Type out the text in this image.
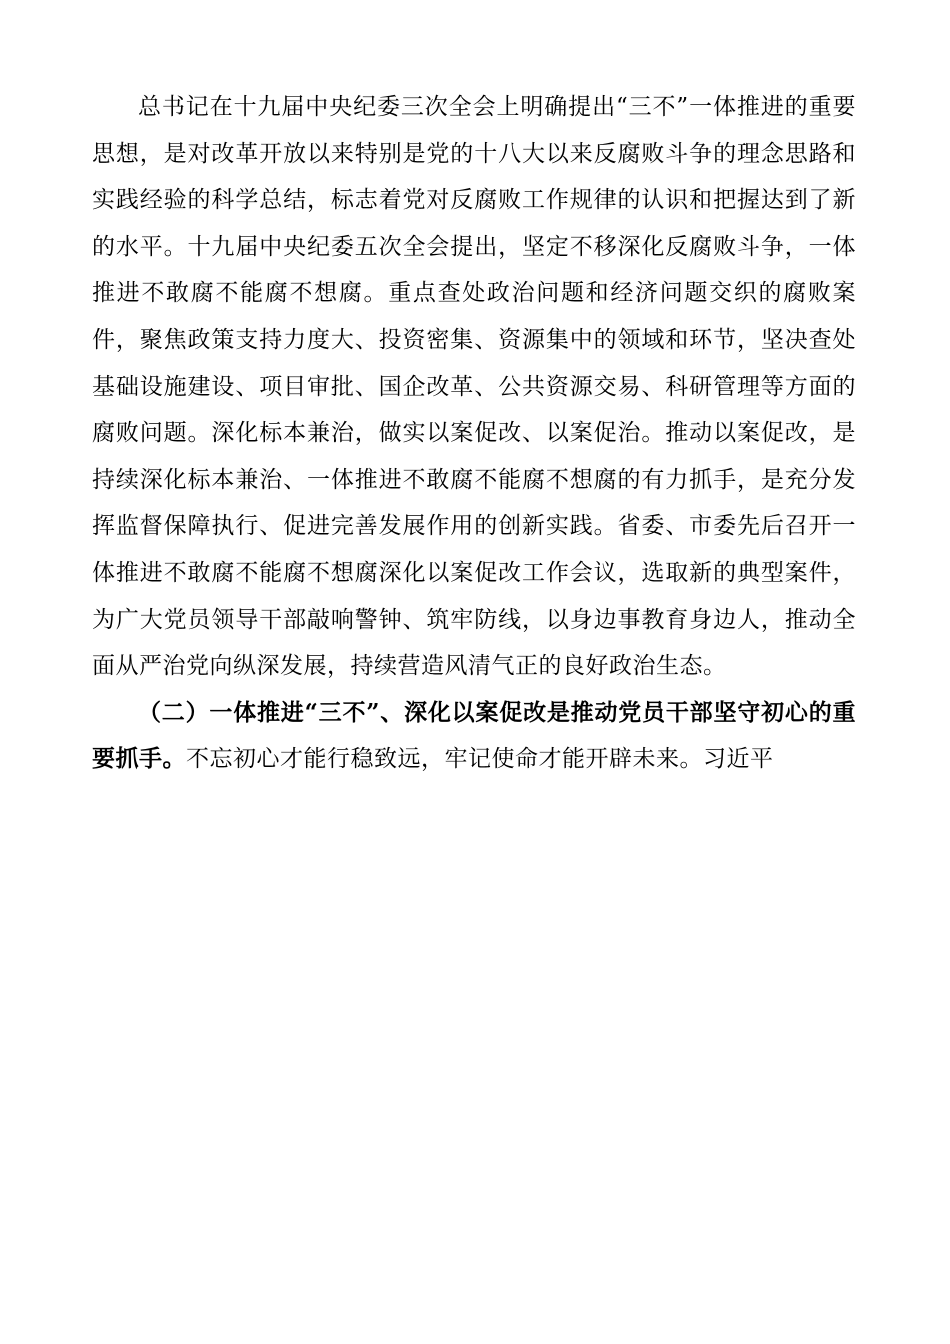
总书记在十九届中央纪委三次全会上明确提出“三不”一体推进的重要思想，是对改革开放以来特别是党的十八大以来反腐败斗争的理念思路和实践经验的科学总结，标志着党对反腐败工作规律的认识和把握达到了新的水平。十九届中央纪委五次全会提出，坚定不移深化反腐败斗争，一体推进不敢腐不能腐不想腐。重点查处政治问题和经济问题交织的腐败案件，聚焦政策支持力度大、投资密集、资源集中的领域和环节，坚决查处基础设施建设、项目审批、国企改革、公共资源交易、科研管理等方面的腐败问题。深化标本兼治，做实以案促改、以案促治。推动以案促改，是持续深化标本兼治、一体推进不敢腐不能腐不想腐的有力抓手，是充分发挥监督保障执行、促进完善发展作用的创新实践。省委、市委先后召开一体推进不敢腐不能腐不想腐深化以案促改工作会议，选取新的典型案件，为广大党员领导干部敲响警钟、筑牢防线，以身边事教育身边人，推动全面从严治党向纵深发展，持续营造风清气正的良好政治生态。

（二）一体推进“三不”、深化以案促改是推动党员干部坚守初心的重要抓手。不忘初心才能行稳致远，牢记使命才能开辟未来。习近平
